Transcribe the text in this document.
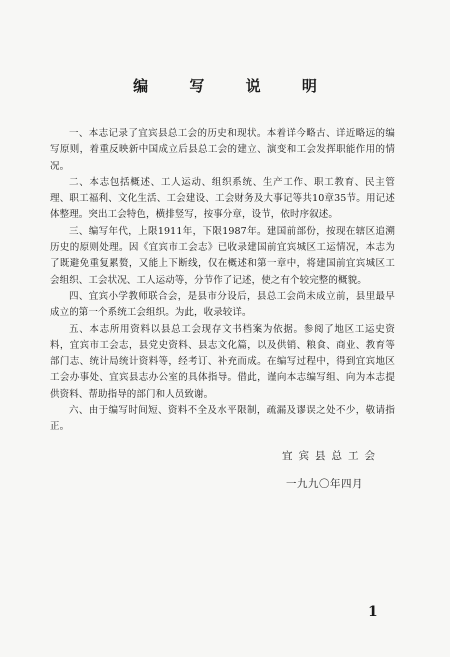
编 写 说 明

一、本志记录了宜宾县总工会的历史和现状。本着详今略古、详近略远的编写原则，着重反映新中国成立后县总工会的建立、演变和工会发挥职能作用的情况。

二、本志包括概述、工人运动、组织系统、生产工作、职工教育、民主管理、职工福利、文化生活、工会建设、工会财务及大事记等共10章35节。用记述体整理。突出工会特色，横排竖写，按事分章，设节，依时序叙述。

三、编写年代，上限1911年，下限1987年。建国前部份，按现在辖区追溯历史的原则处理。因《宜宾市工会志》已收录建国前宜宾城区工运情况，本志为了既避免重复累赘，又能上下断线，仅在概述和第一章中，将建国前宜宾城区工会组织、工会状况、工人运动等，分节作了记述，使之有个较完整的概貌。

四、宜宾小学教师联合会，是县市分设后，县总工会尚未成立前，县里最早成立的第一个系统工会组织。为此，收录较详。

五、本志所用资料以县总工会现存文书档案为依据。参阅了地区工运史资料，宜宾市工会志，县党史资料、县志文化篇，以及供销、粮食、商业、教育等部门志、统计局统计资料等，经考订、补充而成。在编写过程中，得到宜宾地区工会办事处、宜宾县志办公室的具体指导。借此，谨向本志编写组、向为本志提供资料、帮助指导的部门和人员致谢。

六、由于编写时间短、资料不全及水平限制，疏漏及谬误之处不少，敬请指正。

宜宾县总工会
一九九〇年四月
1
